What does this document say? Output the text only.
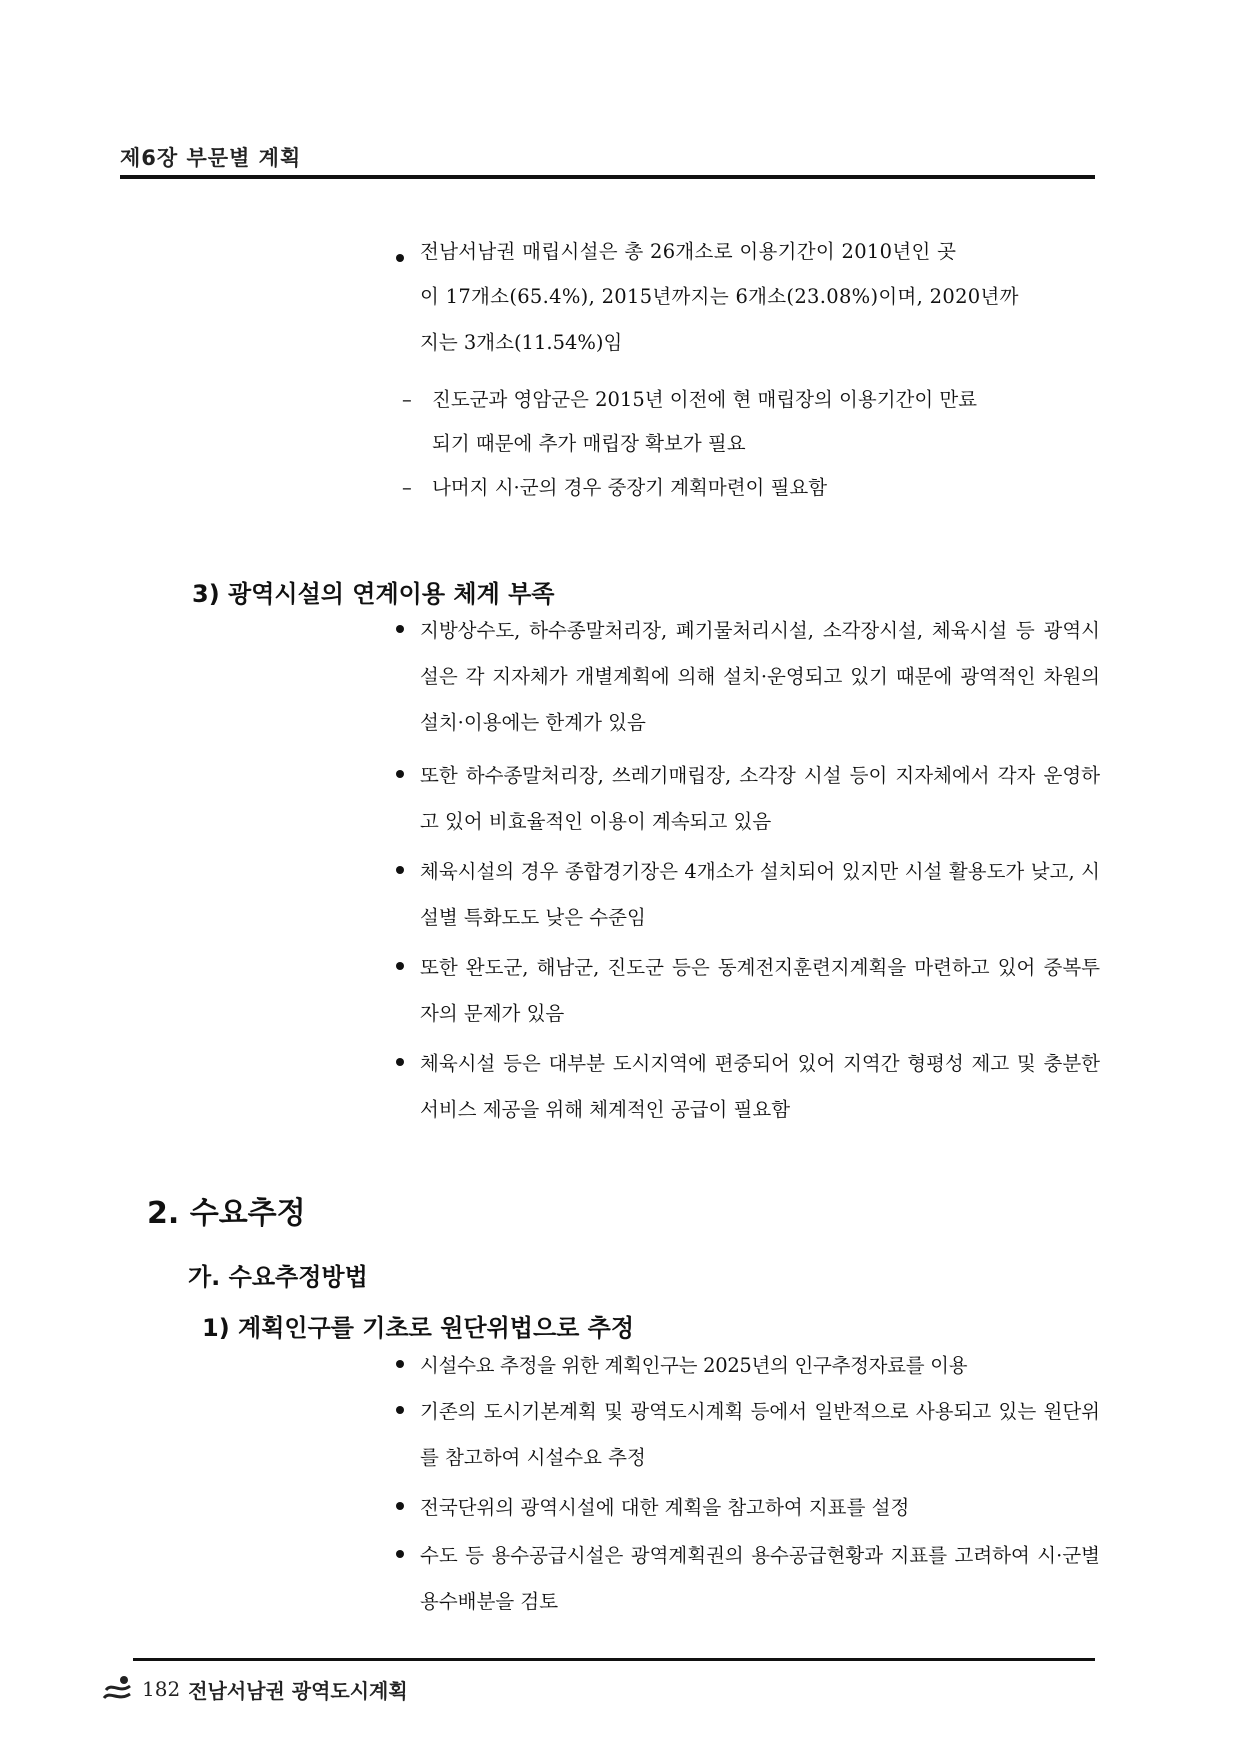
제6장 부문별 계획
전남서남권 매립시설은 총 26개소로 이용기간이 2010년인 곳
이 17개소(65.4%), 2015년까지는 6개소(23.08%)이며, 2020년까
지는 3개소(11.54%)임
– 진도군과 영암군은 2015년 이전에 현 매립장의 이용기간이 만료
되기 때문에 추가 매립장 확보가 필요
– 나머지 시·군의 경우 중장기 계획마련이 필요함
3) 광역시설의 연계이용 체계 부족
지방상수도, 하수종말처리장, 폐기물처리시설, 소각장시설, 체육시설 등 광역시설은 각 지자체가 개별계획에 의해 설치·운영되고 있기 때문에 광역적인 차원의 설치·이용에는 한계가 있음
또한 하수종말처리장, 쓰레기매립장, 소각장 시설 등이 지자체에서 각자 운영하고 있어 비효율적인 이용이 계속되고 있음
체육시설의 경우 종합경기장은 4개소가 설치되어 있지만 시설 활용도가 낮고, 시설별 특화도도 낮은 수준임
또한 완도군, 해남군, 진도군 등은 동계전지훈련지계획을 마련하고 있어 중복투자의 문제가 있음
체육시설 등은 대부분 도시지역에 편중되어 있어 지역간 형평성 제고 및 충분한 서비스 제공을 위해 체계적인 공급이 필요함
2. 수요추정
가. 수요추정방법
1) 계획인구를 기초로 원단위법으로 추정
시설수요 추정을 위한 계획인구는 2025년의 인구추정자료를 이용
기존의 도시기본계획 및 광역도시계획 등에서 일반적으로 사용되고 있는 원단위를 참고하여 시설수요 추정
전국단위의 광역시설에 대한 계획을 참고하여 지표를 설정
수도 등 용수공급시설은 광역계획권의 용수공급현황과 지표를 고려하여 시·군별 용수배분을 검토
182 전남서남권 광역도시계획
